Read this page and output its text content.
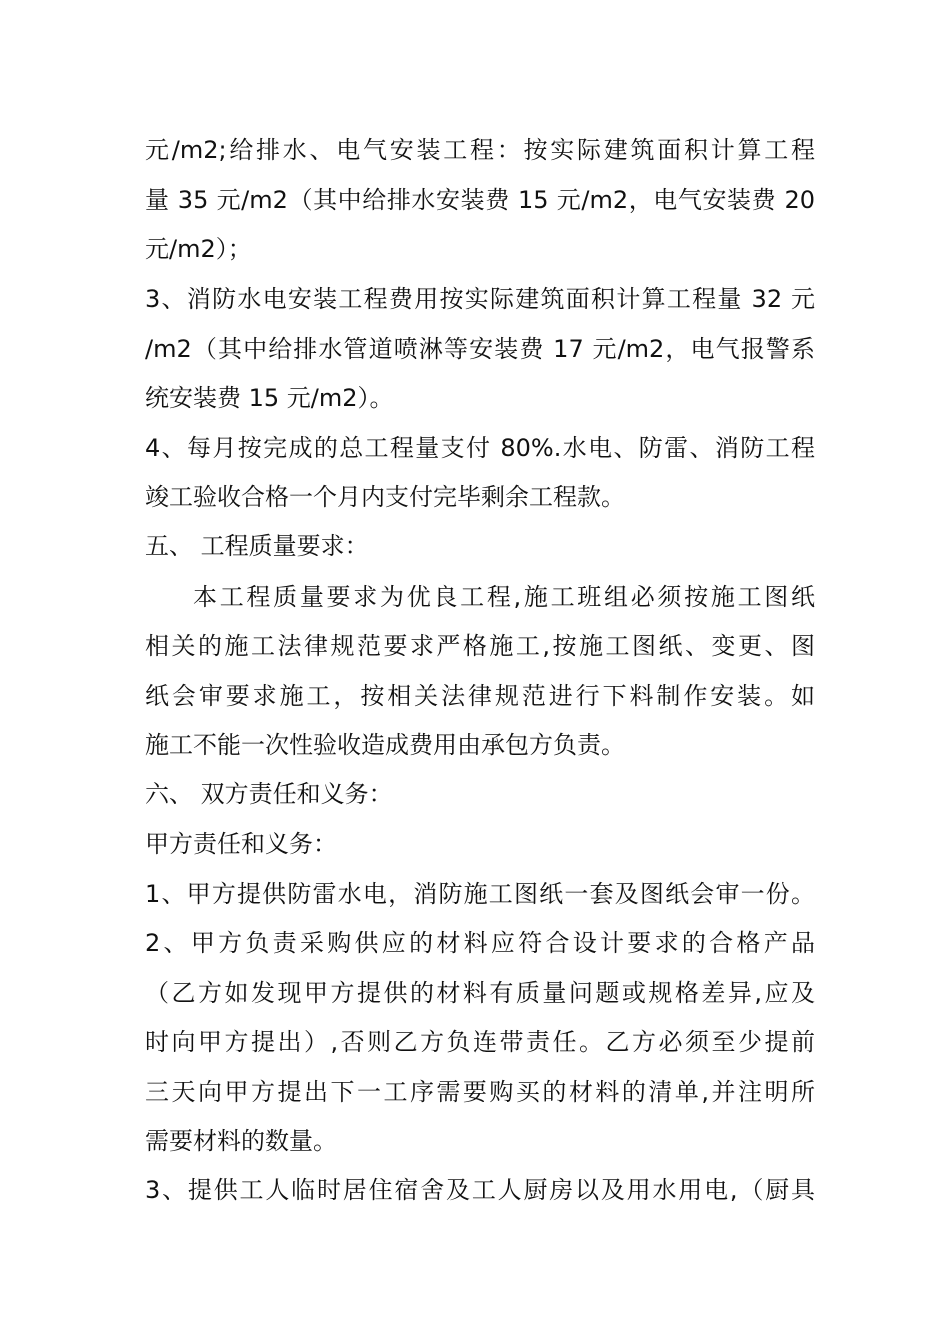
元/m2;给排水、电气安装工程：按实际建筑面积计算工程
量 35 元/m2（其中给排水安装费 15 元/m2，电气安装费 20
元/m2）；
3、消防水电安装工程费用按实际建筑面积计算工程量 32 元
/m2（其中给排水管道喷淋等安装费 17 元/m2，电气报警系
统安装费 15 元/m2）。
4、每月按完成的总工程量支付 80%.水电、防雷、消防工程
竣工验收合格一个月内支付完毕剩余工程款。
五、 工程质量要求：
本工程质量要求为优良工程,施工班组必须按施工图纸
相关的施工法律规范要求严格施工,按施工图纸、变更、图
纸会审要求施工，按相关法律规范进行下料制作安装。如
施工不能一次性验收造成费用由承包方负责。
六、 双方责任和义务：
甲方责任和义务：
1、甲方提供防雷水电，消防施工图纸一套及图纸会审一份。
2、甲方负责采购供应的材料应符合设计要求的合格产品
（乙方如发现甲方提供的材料有质量问题或规格差异,应及
时向甲方提出）,否则乙方负连带责任。乙方必须至少提前
三天向甲方提出下一工序需要购买的材料的清单,并注明所
需要材料的数量。
3、提供工人临时居住宿舍及工人厨房以及用水用电,（厨具
